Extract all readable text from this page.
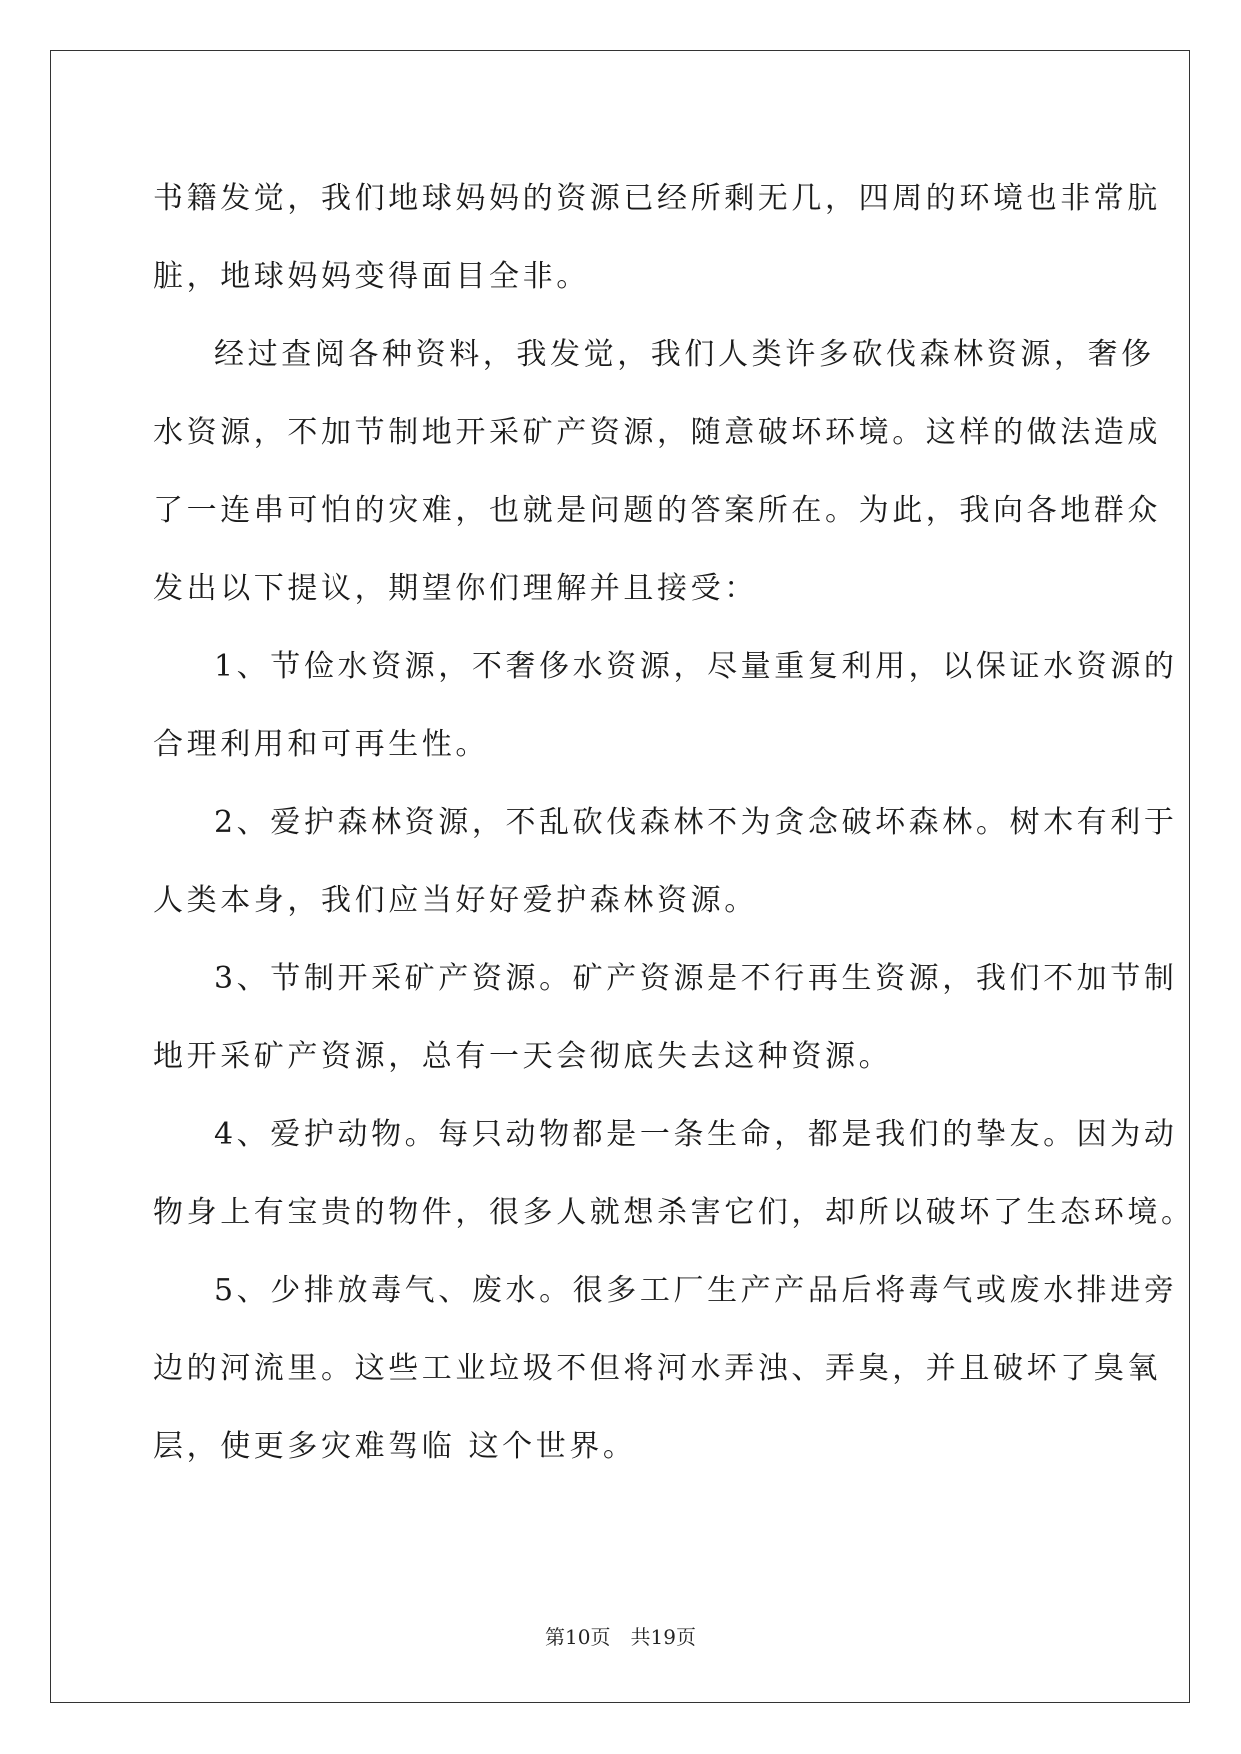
书籍发觉，我们地球妈妈的资源已经所剩无几，四周的环境也非常肮
脏，地球妈妈变得面目全非。
经过查阅各种资料，我发觉，我们人类许多砍伐森林资源，奢侈
水资源，不加节制地开采矿产资源，随意破坏环境。这样的做法造成
了一连串可怕的灾难，也就是问题的答案所在。为此，我向各地群众
发出以下提议，期望你们理解并且接受：
1、节俭水资源，不奢侈水资源，尽量重复利用，以保证水资源的
合理利用和可再生性。
2、爱护森林资源，不乱砍伐森林不为贪念破坏森林。树木有利于
人类本身，我们应当好好爱护森林资源。
3、节制开采矿产资源。矿产资源是不行再生资源，我们不加节制
地开采矿产资源，总有一天会彻底失去这种资源。
4、爱护动物。每只动物都是一条生命，都是我们的挚友。因为动
物身上有宝贵的物件，很多人就想杀害它们，却所以破坏了生态环境。
5、少排放毒气、废水。很多工厂生产产品后将毒气或废水排进旁
边的河流里。这些工业垃圾不但将河水弄浊、弄臭，并且破坏了臭氧
层，使更多灾难驾临 这个世界。
第10页　共19页
